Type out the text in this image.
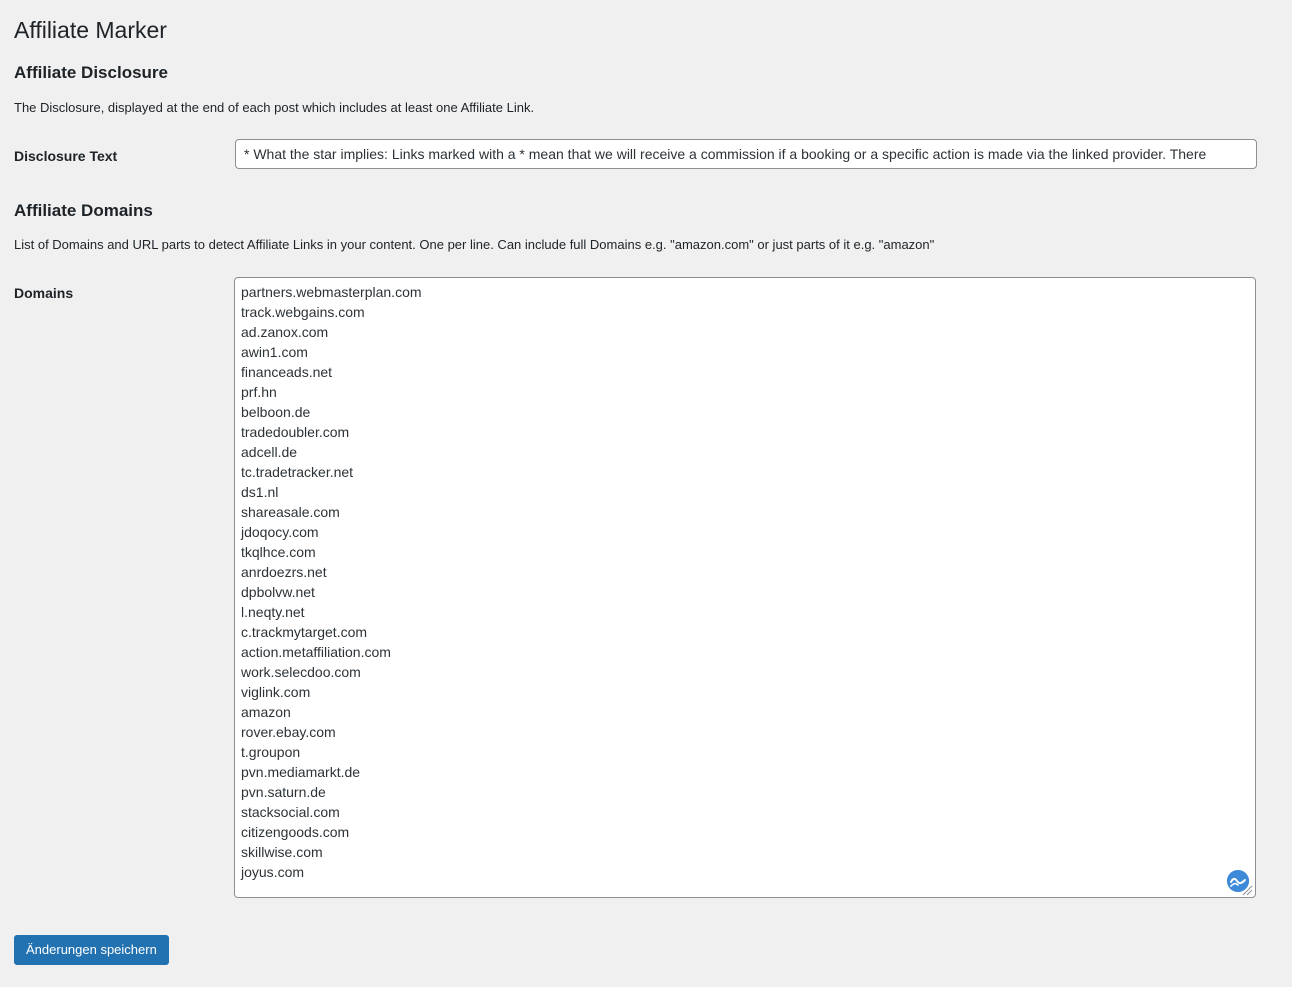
Affiliate Marker
Affiliate Disclosure

The Disclosure, displayed at the end of each post which includes at least one Affiliate Link.

Disclosure Text
* What the star implies: Links marked with a * mean that we will receive a commission if a booking or a specific action is made via the linked provider. There
Affiliate Domains

List of Domains and URL parts to detect Affiliate Links in your content. One per line. Can include full Domains e.g. "amazon.com" or just parts of it e.g. "amazon"

Domains	partners.webmasterplan.com
track.webgains.com
ad.zanox.com
awin1.com
financeads.net
prf.hn
belboon.de
tradedoubler.com
adcell.de
tc.tradetracker.net
ds1.nl
shareasale.com
jdoqocy.com
tkqlhce.com
anrdoezrs.net
dpbolvw.net
l.neqty.net
c.trackmytarget.com
action.metaffiliation.com
work.selecdoo.com
viglink.com
amazon
rover.ebay.com
t.groupon
pvn.mediamarkt.de
pvn.saturn.de
stacksocial.com
citizengoods.com
skillwise.com
joyus.com
Änderungen speichern
